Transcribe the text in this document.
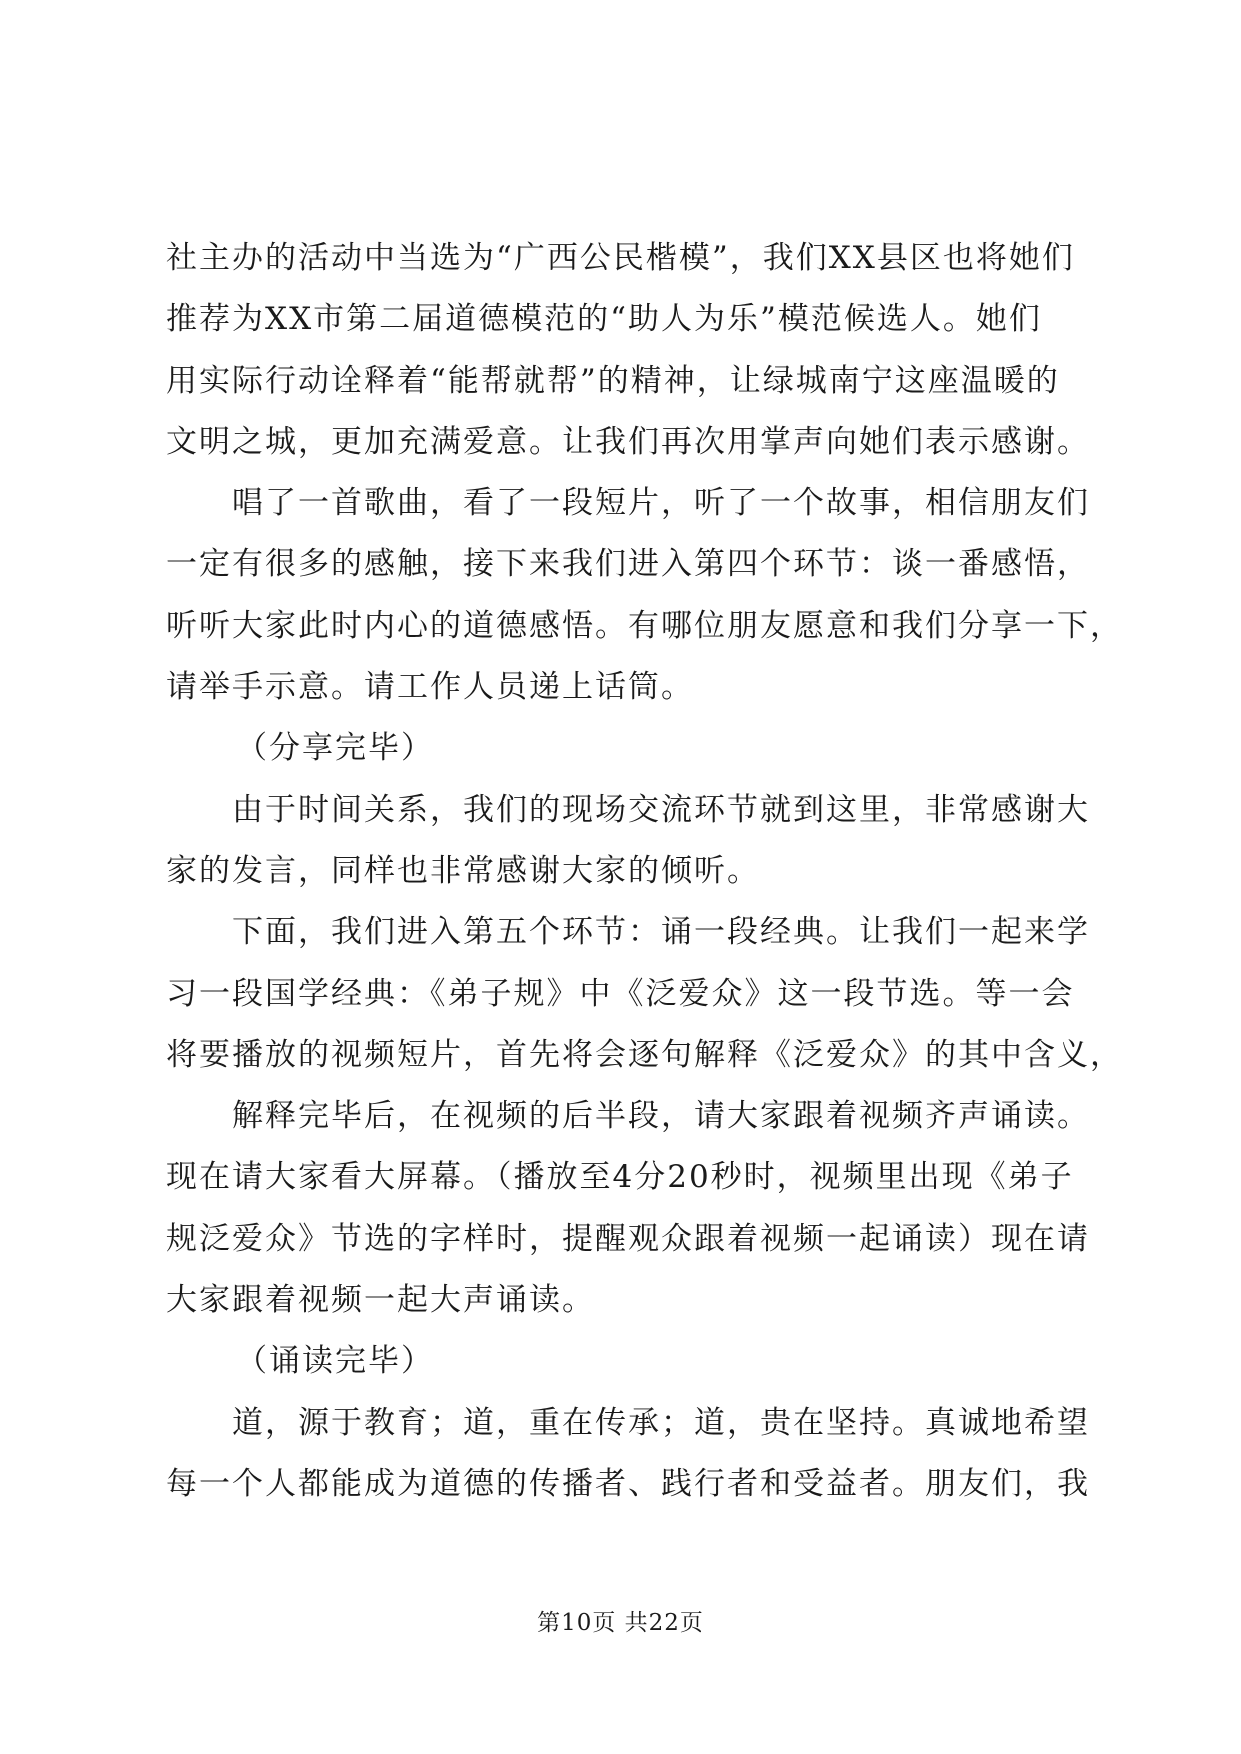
社主办的活动中当选为“广西公民楷模”，我们XX县区也将她们
推荐为XX市第二届道德模范的“助人为乐”模范候选人。她们
用实际行动诠释着“能帮就帮”的精神，让绿城南宁这座温暖的
文明之城，更加充满爱意。让我们再次用掌声向她们表示感谢。
唱了一首歌曲，看了一段短片，听了一个故事，相信朋友们
一定有很多的感触，接下来我们进入第四个环节：谈一番感悟，
听听大家此时内心的道德感悟。有哪位朋友愿意和我们分享一下，
请举手示意。请工作人员递上话筒。
（分享完毕）
由于时间关系，我们的现场交流环节就到这里，非常感谢大
家的发言，同样也非常感谢大家的倾听。
下面，我们进入第五个环节：诵一段经典。让我们一起来学
习一段国学经典：《弟子规》中《泛爱众》这一段节选。等一会
将要播放的视频短片，首先将会逐句解释《泛爱众》的其中含义，
解释完毕后，在视频的后半段，请大家跟着视频齐声诵读。
现在请大家看大屏幕。（播放至4分20秒时，视频里出现《弟子
规泛爱众》节选的字样时，提醒观众跟着视频一起诵读）现在请
大家跟着视频一起大声诵读。
（诵读完毕）
道，源于教育；道，重在传承；道，贵在坚持。真诚地希望
每一个人都能成为道德的传播者、践行者和受益者。朋友们，我
第10页 共22页
